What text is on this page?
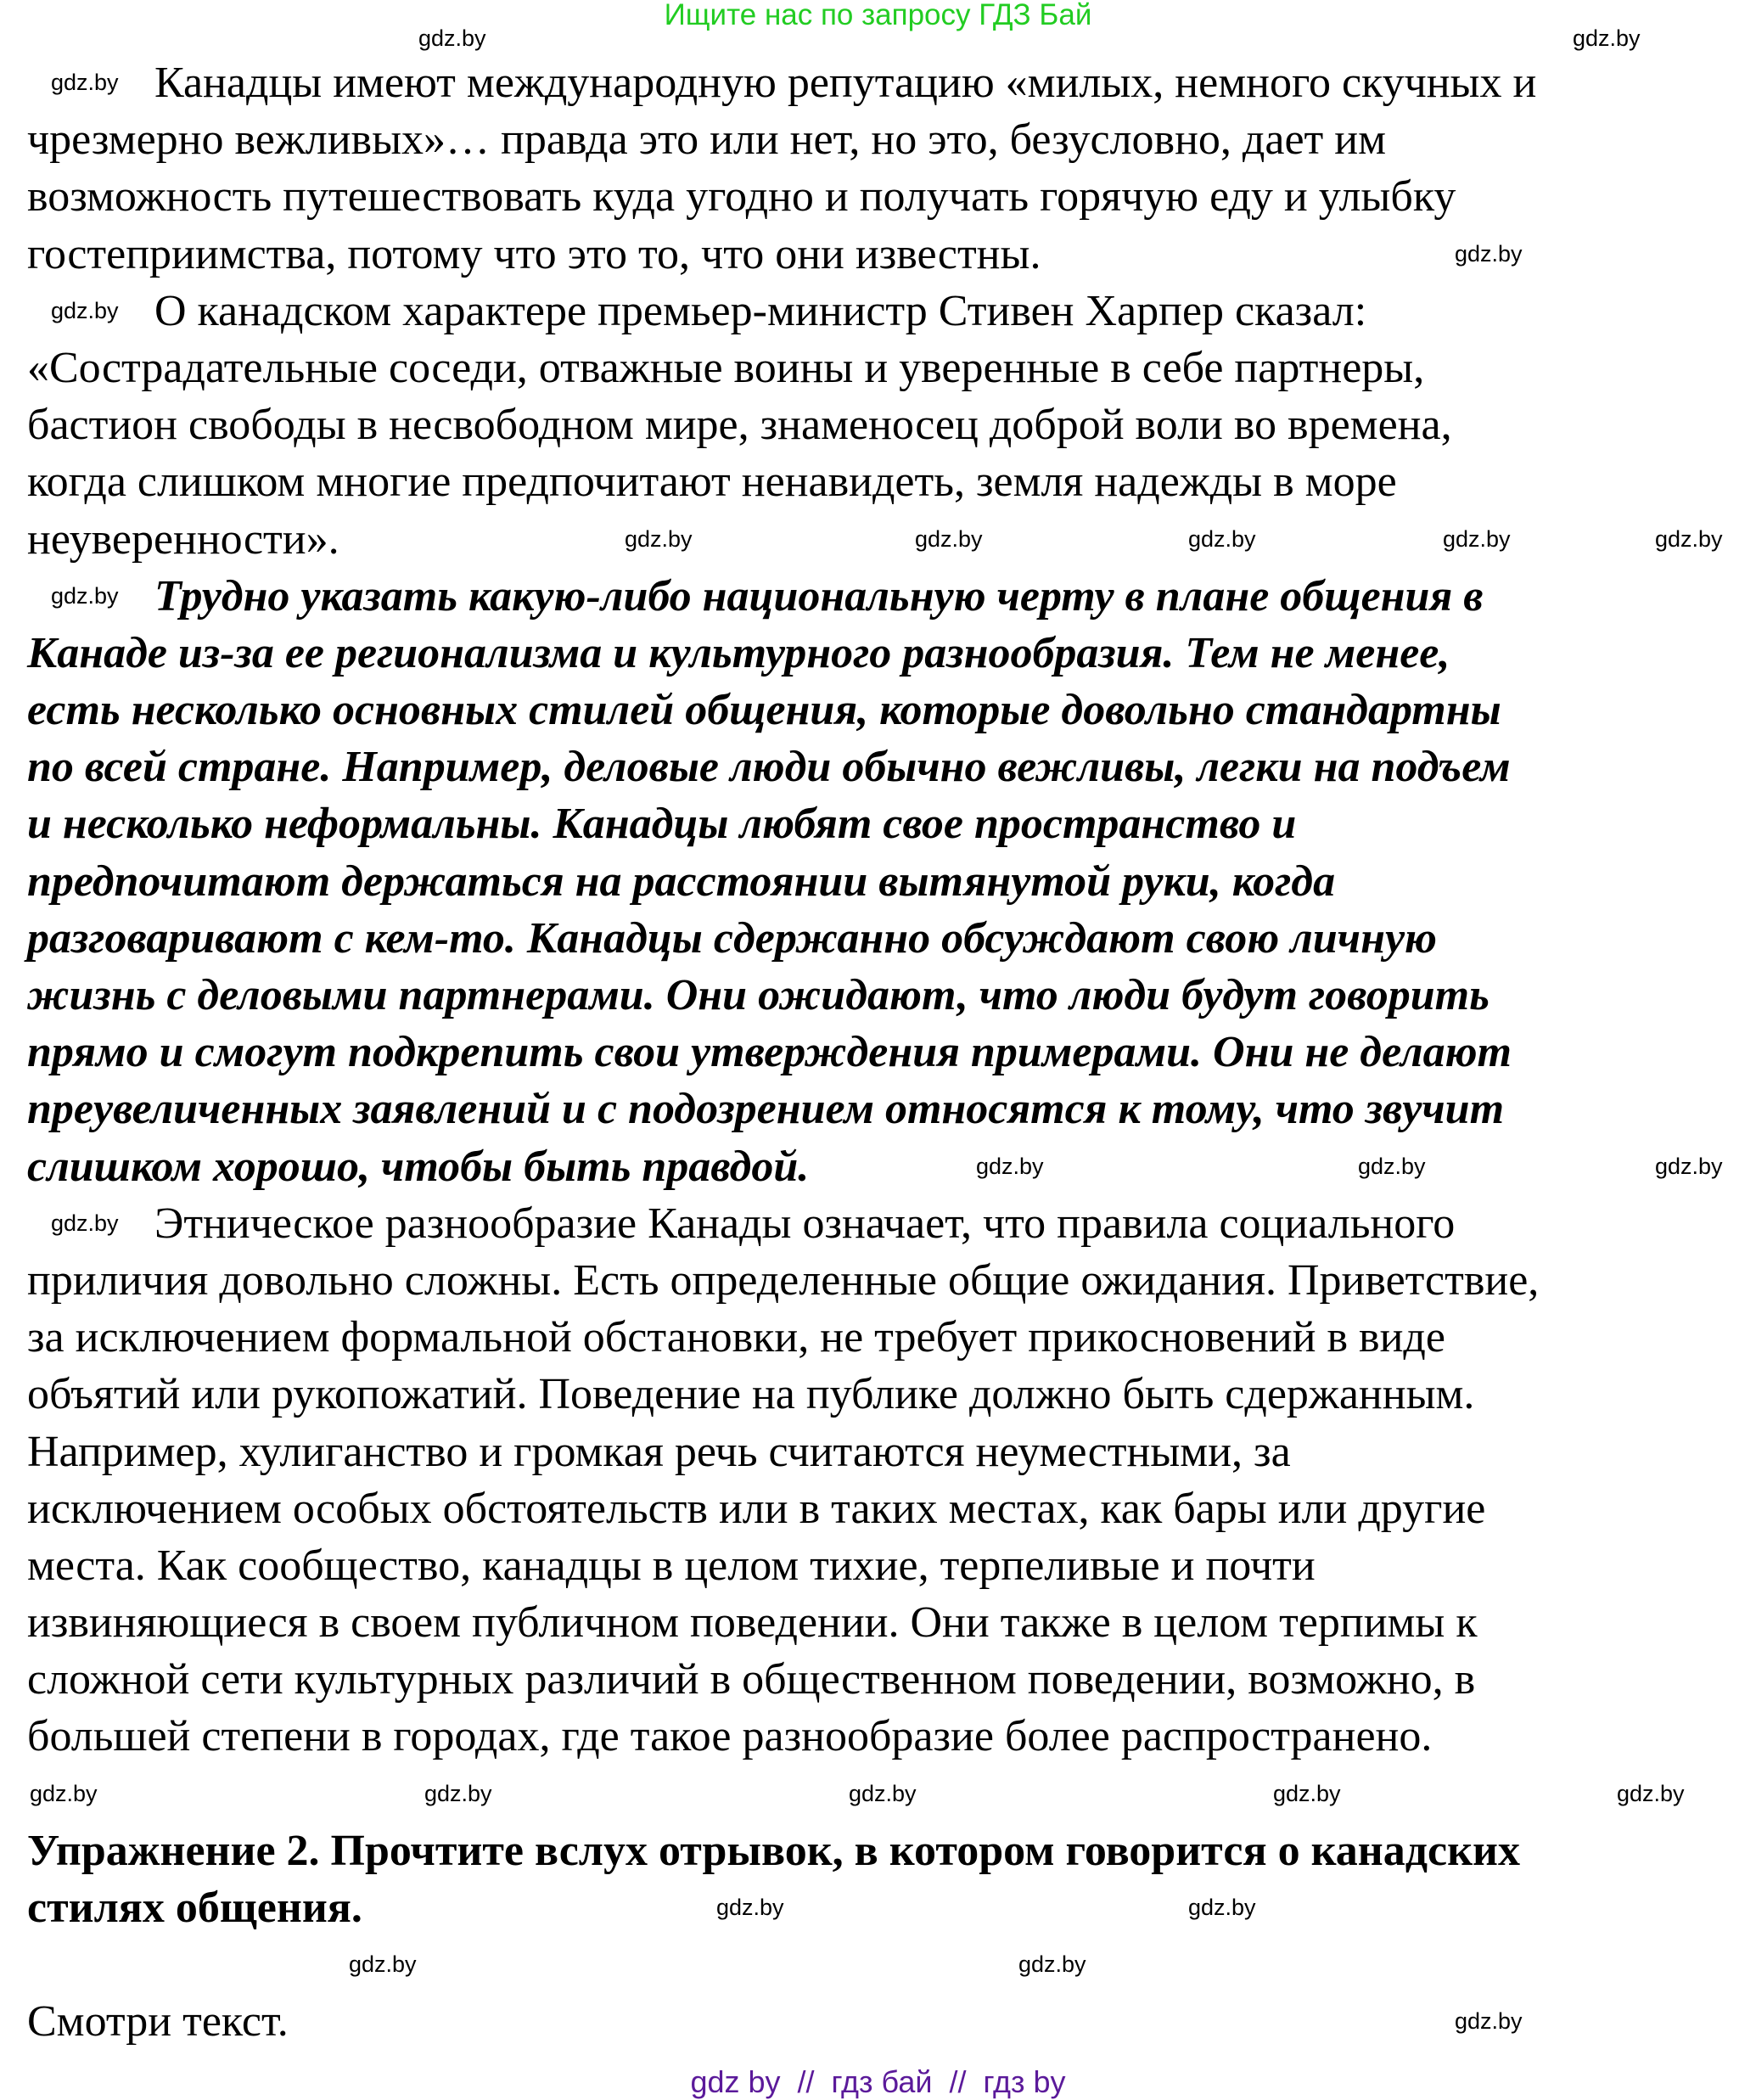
Ищите нас по запросу ГДЗ Бай
Канадцы имеют международную репутацию «милых, немного скучных и
чрезмерно вежливых»… правда это или нет, но это, безусловно, дает им
возможность путешествовать куда угодно и получать горячую еду и улыбку
гостеприимства, потому что это то, что они известны.
О канадском характере премьер-министр Стивен Харпер сказал:
«Сострадательные соседи, отважные воины и уверенные в себе партнеры,
бастион свободы в несвободном мире, знаменосец доброй воли во времена,
когда слишком многие предпочитают ненавидеть, земля надежды в море
неуверенности».
Трудно указать какую-либо национальную черту в плане общения в
Канаде из-за ее регионализма и культурного разнообразия. Тем не менее,
есть несколько основных стилей общения, которые довольно стандартны
по всей стране. Например, деловые люди обычно вежливы, легки на подъем
и несколько неформальны. Канадцы любят свое пространство и
предпочитают держаться на расстоянии вытянутой руки, когда
разговаривают с кем-то. Канадцы сдержанно обсуждают свою личную
жизнь с деловыми партнерами. Они ожидают, что люди будут говорить
прямо и смогут подкрепить свои утверждения примерами. Они не делают
преувеличенных заявлений и с подозрением относятся к тому, что звучит
слишком хорошо, чтобы быть правдой.
Этническое разнообразие Канады означает, что правила социального
приличия довольно сложны. Есть определенные общие ожидания. Приветствие,
за исключением формальной обстановки, не требует прикосновений в виде
объятий или рукопожатий. Поведение на публике должно быть сдержанным.
Например, хулиганство и громкая речь считаются неуместными, за
исключением особых обстоятельств или в таких местах, как бары или другие
места. Как сообщество, канадцы в целом тихие, терпеливые и почти
извиняющиеся в своем публичном поведении. Они также в целом терпимы к
сложной сети культурных различий в общественном поведении, возможно, в
большей степени в городах, где такое разнообразие более распространено.
Упражнение 2. Прочтите вслух отрывок, в котором говорится о канадских
стилях общения.
Смотри текст.
gdz.by	gdz.by
gdz.by
gdz.by
gdz.by
gdz.by	gdz.by	gdz.by	gdz.by	gdz.by
gdz.by
gdz.by	gdz.by	gdz.by
gdz.by
gdz.by	gdz.by	gdz.by	gdz.by	gdz.by
gdz.by	gdz.by
gdz.by	gdz.by
gdz.by
gdz by  //  гдз бай  //  гдз by
